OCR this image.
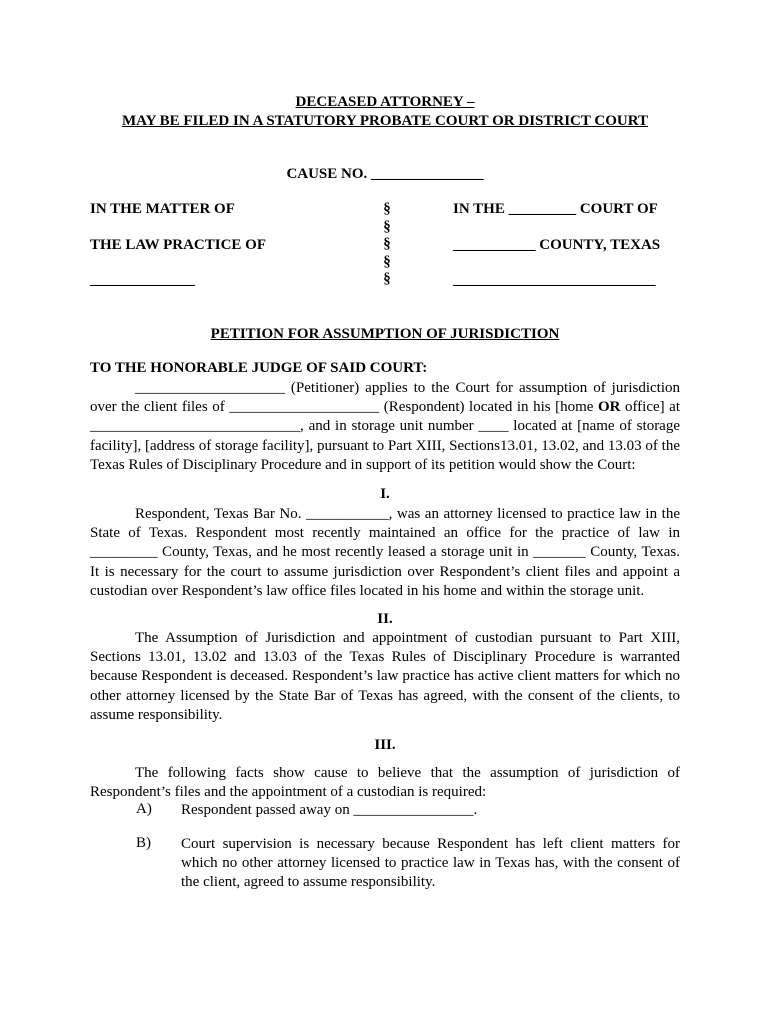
DECEASED ATTORNEY –
MAY BE FILED IN A STATUTORY PROBATE COURT OR DISTRICT COURT
CAUSE NO. _______________
IN THE MATTER OF
THE LAW PRACTICE OF
______________
§
§
§
§
§
IN THE _________ COURT OF
___________ COUNTY, TEXAS
___________________________
PETITION FOR ASSUMPTION OF JURISDICTION
TO THE HONORABLE JUDGE OF SAID COURT:

____________________ (Petitioner) applies to the Court for assumption of jurisdiction over the client files of ____________________ (Respondent) located in his [home OR office] at ____________________________, and in storage unit number ____ located at [name of storage facility], [address of storage facility], pursuant to Part XIII, Sections13.01, 13.02, and 13.03 of the Texas Rules of Disciplinary Procedure and in support of its petition would show the Court:

I.

Respondent, Texas Bar No. ___________, was an attorney licensed to practice law in the State of Texas. Respondent most recently maintained an office for the practice of law in _________ County, Texas, and he most recently leased a storage unit in _______ County, Texas. It is necessary for the court to assume jurisdiction over Respondent’s client files and appoint a custodian over Respondent’s law office files located in his home and within the storage unit.

II.

The Assumption of Jurisdiction and appointment of custodian pursuant to Part XIII, Sections 13.01, 13.02 and 13.03 of the Texas Rules of Disciplinary Procedure is warranted because Respondent is deceased. Respondent’s law practice has active client matters for which no other attorney licensed by the State Bar of Texas has agreed, with the consent of the clients, to assume responsibility.

III.

The following facts show cause to believe that the assumption of jurisdiction of Respondent’s files and the appointment of a custodian is required:

A) Respondent passed away on ________________.
B) Court supervision is necessary because Respondent has left client matters for which no other attorney licensed to practice law in Texas has, with the consent of the client, agreed to assume responsibility.
